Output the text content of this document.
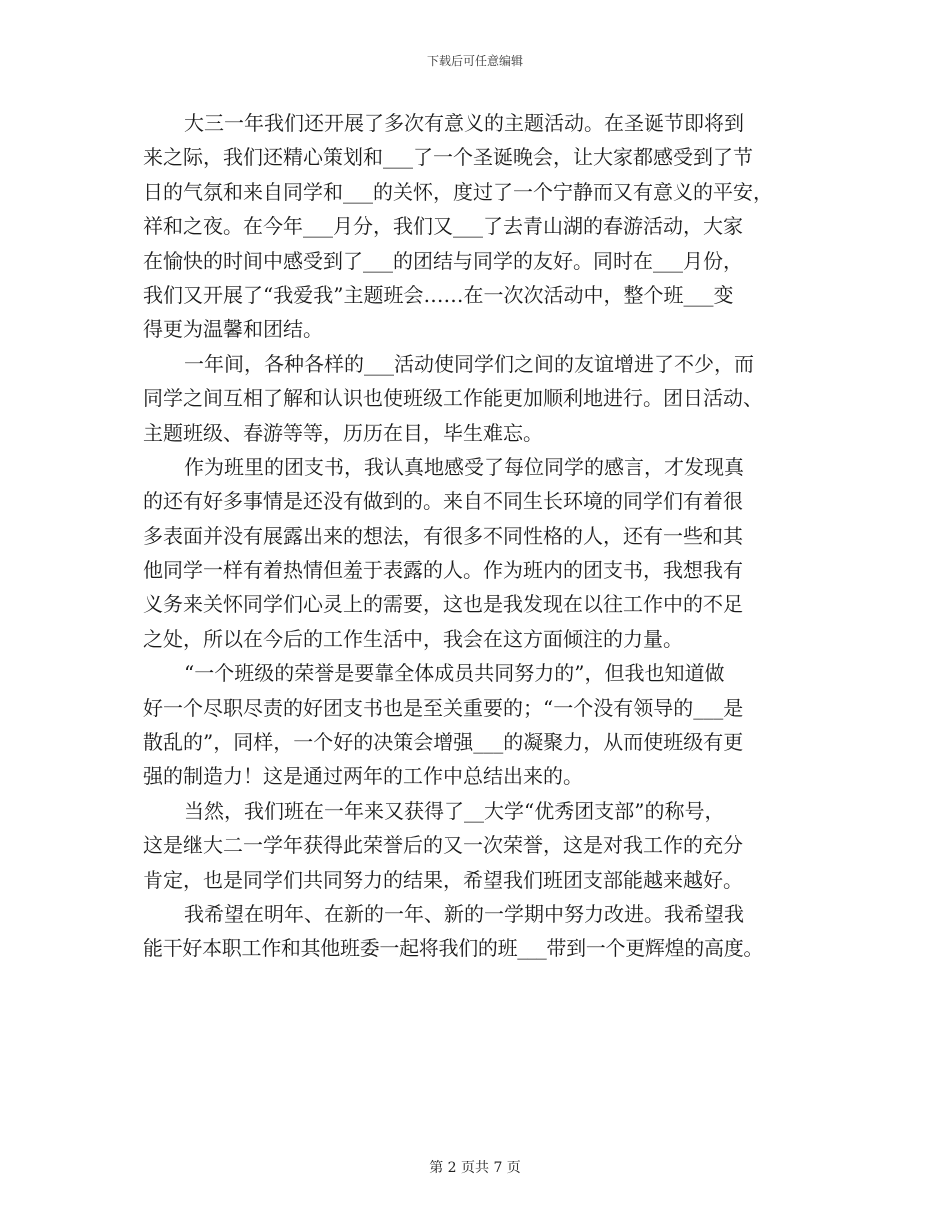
下载后可任意编辑
大三一年我们还开展了多次有意义的主题活动。在圣诞节即将到
来之际，我们还精心策划和___了一个圣诞晚会，让大家都感受到了节
日的气氛和来自同学和___的关怀，度过了一个宁静而又有意义的平安，
祥和之夜。在今年___月分，我们又___了去青山湖的春游活动，大家
在愉快的时间中感受到了___的团结与同学的友好。同时在___月份，
我们又开展了“我爱我”主题班会……在一次次活动中，整个班___变
得更为温馨和团结。
一年间，各种各样的___活动使同学们之间的友谊增进了不少，而
同学之间互相了解和认识也使班级工作能更加顺利地进行。团日活动、
主题班级、春游等等，历历在目，毕生难忘。
作为班里的团支书，我认真地感受了每位同学的感言，才发现真
的还有好多事情是还没有做到的。来自不同生长环境的同学们有着很
多表面并没有展露出来的想法，有很多不同性格的人，还有一些和其
他同学一样有着热情但羞于表露的人。作为班内的团支书，我想我有
义务来关怀同学们心灵上的需要，这也是我发现在以往工作中的不足
之处，所以在今后的工作生活中，我会在这方面倾注的力量。
“一个班级的荣誉是要靠全体成员共同努力的”，但我也知道做
好一个尽职尽责的好团支书也是至关重要的；“一个没有领导的___是
散乱的”，同样，一个好的决策会增强___的凝聚力，从而使班级有更
强的制造力！这是通过两年的工作中总结出来的。
当然，我们班在一年来又获得了__大学“优秀团支部”的称号，
这是继大二一学年获得此荣誉后的又一次荣誉，这是对我工作的充分
肯定，也是同学们共同努力的结果，希望我们班团支部能越来越好。
我希望在明年、在新的一年、新的一学期中努力改进。我希望我
能干好本职工作和其他班委一起将我们的班___带到一个更辉煌的高度。
第 2 页共 7 页
